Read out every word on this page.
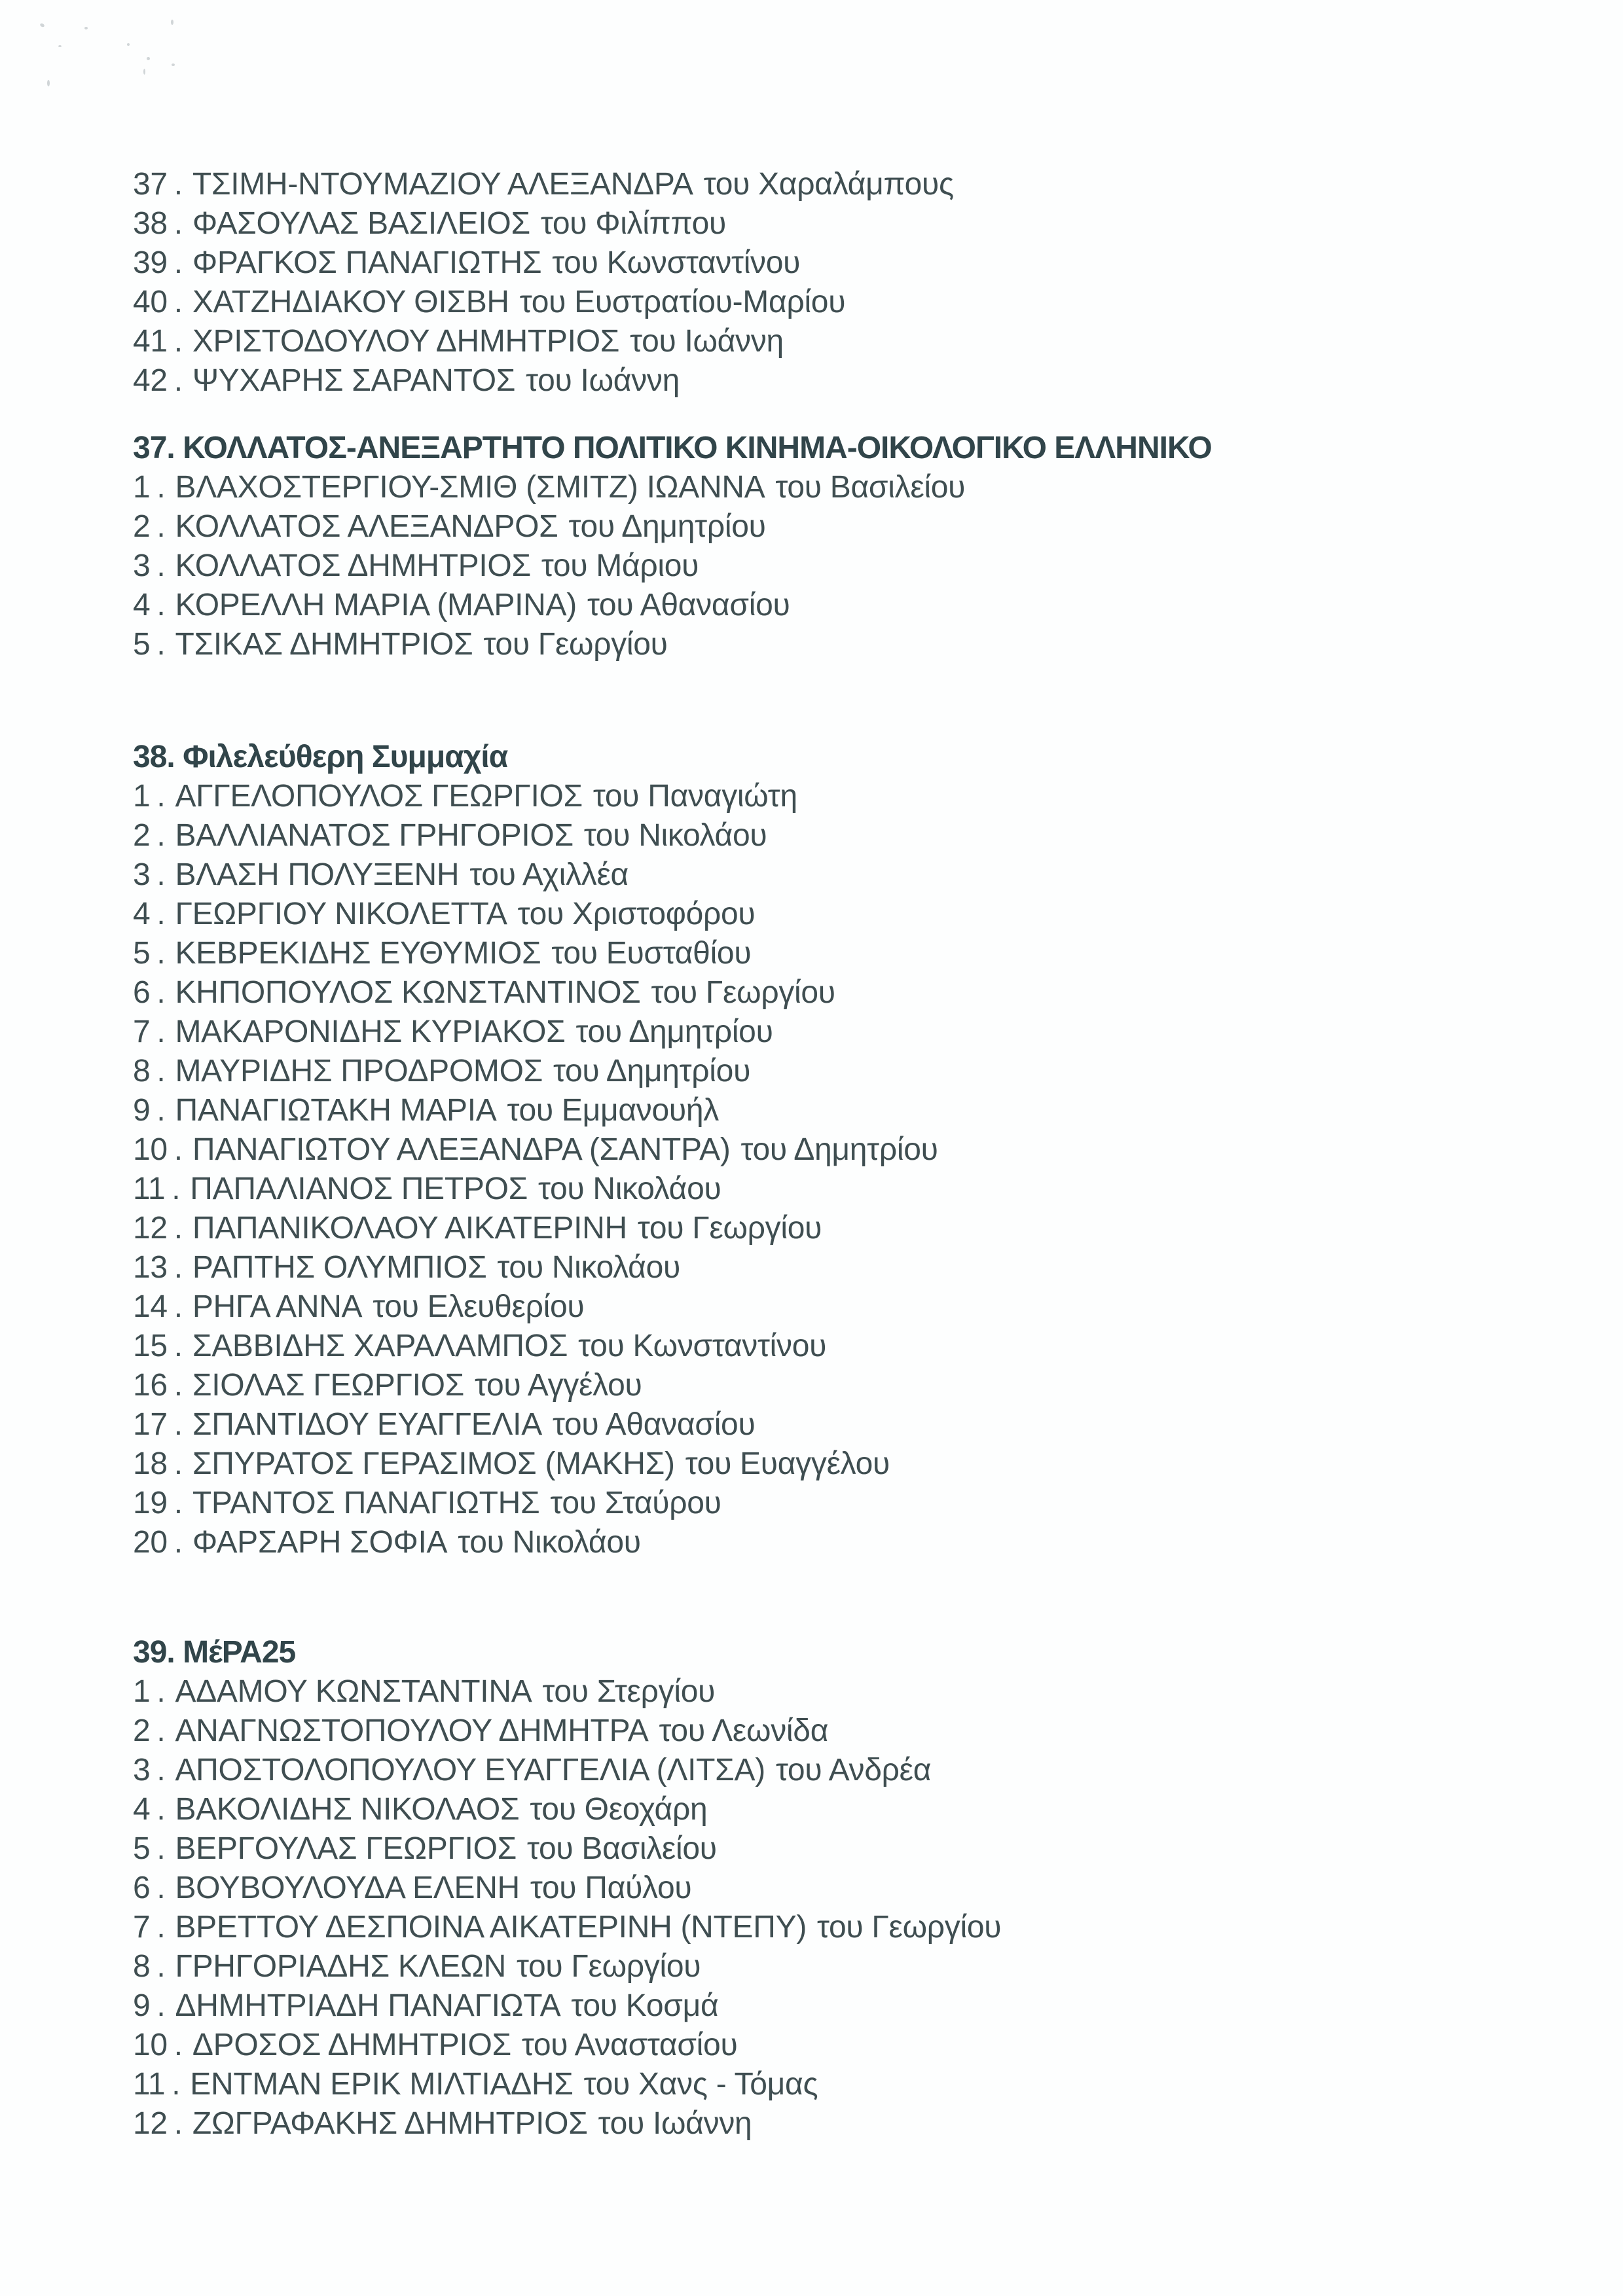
37 . ΤΣΙΜΗ-ΝΤΟΥΜΑΖΙΟΥ ΑΛΕΞΑΝΔΡΑ του Χαραλάμπους

38 . ΦΑΣΟΥΛΑΣ ΒΑΣΙΛΕΙΟΣ του Φιλίππου

39 . ΦΡΑΓΚΟΣ ΠΑΝΑΓΙΩΤΗΣ του Κωνσταντίνου

40 . ΧΑΤΖΗΔΙΑΚΟΥ ΘΙΣΒΗ του Ευστρατίου-Μαρίου

41 . ΧΡΙΣΤΟΔΟΥΛΟΥ ΔΗΜΗΤΡΙΟΣ του Ιωάννη

42 . ΨΥΧΑΡΗΣ ΣΑΡΑΝΤΟΣ του Ιωάννη

37. ΚΟΛΛΑΤΟΣ-ΑΝΕΞΑΡΤΗΤΟ ΠΟΛΙΤΙΚΟ ΚΙΝΗΜΑ-ΟΙΚΟΛΟΓΙΚΟ ΕΛΛΗΝΙΚΟ

1 . ΒΛΑΧΟΣΤΕΡΓΙΟΥ-ΣΜΙΘ (ΣΜΙΤΖ) ΙΩΑΝΝΑ του Βασιλείου

2 . ΚΟΛΛΑΤΟΣ ΑΛΕΞΑΝΔΡΟΣ του Δημητρίου

3 . ΚΟΛΛΑΤΟΣ ΔΗΜΗΤΡΙΟΣ του Μάριου

4 . ΚΟΡΕΛΛΗ ΜΑΡΙΑ (ΜΑΡΙΝΑ) του Αθανασίου

5 . ΤΣΙΚΑΣ ΔΗΜΗΤΡΙΟΣ του Γεωργίου

38. Φιλελεύθερη Συμμαχία

1 . ΑΓΓΕΛΟΠΟΥΛΟΣ ΓΕΩΡΓΙΟΣ του Παναγιώτη

2 . ΒΑΛΛΙΑΝΑΤΟΣ ΓΡΗΓΟΡΙΟΣ του Νικολάου

3 . ΒΛΑΣΗ ΠΟΛΥΞΕΝΗ του Αχιλλέα

4 . ΓΕΩΡΓΙΟΥ ΝΙΚΟΛΕΤΤΑ του Χριστοφόρου

5 . ΚΕΒΡΕΚΙΔΗΣ ΕΥΘΥΜΙΟΣ του Ευσταθίου

6 . ΚΗΠΟΠΟΥΛΟΣ ΚΩΝΣΤΑΝΤΙΝΟΣ του Γεωργίου

7 . ΜΑΚΑΡΟΝΙΔΗΣ ΚΥΡΙΑΚΟΣ του Δημητρίου

8 . ΜΑΥΡΙΔΗΣ ΠΡΟΔΡΟΜΟΣ του Δημητρίου

9 . ΠΑΝΑΓΙΩΤΑΚΗ ΜΑΡΙΑ του Εμμανουήλ

10 . ΠΑΝΑΓΙΩΤΟΥ ΑΛΕΞΑΝΔΡΑ (ΣΑΝΤΡΑ) του Δημητρίου

11 . ΠΑΠΑΛΙΑΝΟΣ ΠΕΤΡΟΣ του Νικολάου

12 . ΠΑΠΑΝΙΚΟΛΑΟΥ ΑΙΚΑΤΕΡΙΝΗ του Γεωργίου

13 . ΡΑΠΤΗΣ ΟΛΥΜΠΙΟΣ του Νικολάου

14 . ΡΗΓΑ ΑΝΝΑ του Ελευθερίου

15 . ΣΑΒΒΙΔΗΣ ΧΑΡΑΛΑΜΠΟΣ του Κωνσταντίνου

16 . ΣΙΟΛΑΣ ΓΕΩΡΓΙΟΣ του Αγγέλου

17 . ΣΠΑΝΤΙΔΟΥ ΕΥΑΓΓΕΛΙΑ του Αθανασίου

18 . ΣΠΥΡΑΤΟΣ ΓΕΡΑΣΙΜΟΣ (ΜΑΚΗΣ) του Ευαγγέλου

19 . ΤΡΑΝΤΟΣ ΠΑΝΑΓΙΩΤΗΣ του Σταύρου

20 . ΦΑΡΣΑΡΗ ΣΟΦΙΑ του Νικολάου

39. ΜέΡΑ25

1 . ΑΔΑΜΟΥ ΚΩΝΣΤΑΝΤΙΝΑ του Στεργίου

2 . ΑΝΑΓΝΩΣΤΟΠΟΥΛΟΥ ΔΗΜΗΤΡΑ του Λεωνίδα

3 . ΑΠΟΣΤΟΛΟΠΟΥΛΟΥ ΕΥΑΓΓΕΛΙΑ (ΛΙΤΣΑ) του Ανδρέα

4 . ΒΑΚΟΛΙΔΗΣ ΝΙΚΟΛΑΟΣ του Θεοχάρη

5 . ΒΕΡΓΟΥΛΑΣ ΓΕΩΡΓΙΟΣ του Βασιλείου

6 . ΒΟΥΒΟΥΛΟΥΔΑ ΕΛΕΝΗ του Παύλου

7 . ΒΡΕΤΤΟΥ ΔΕΣΠΟΙΝΑ ΑΙΚΑΤΕΡΙΝΗ (ΝΤΕΠΥ) του Γεωργίου

8 . ΓΡΗΓΟΡΙΑΔΗΣ ΚΛΕΩΝ του Γεωργίου

9 . ΔΗΜΗΤΡΙΑΔΗ ΠΑΝΑΓΙΩΤΑ του Κοσμά

10 . ΔΡΟΣΟΣ ΔΗΜΗΤΡΙΟΣ του Αναστασίου

11 . ΕΝΤΜΑΝ ΕΡΙΚ ΜΙΛΤΙΑΔΗΣ του Χανς - Τόμας

12 . ΖΩΓΡΑΦΑΚΗΣ ΔΗΜΗΤΡΙΟΣ του Ιωάννη
